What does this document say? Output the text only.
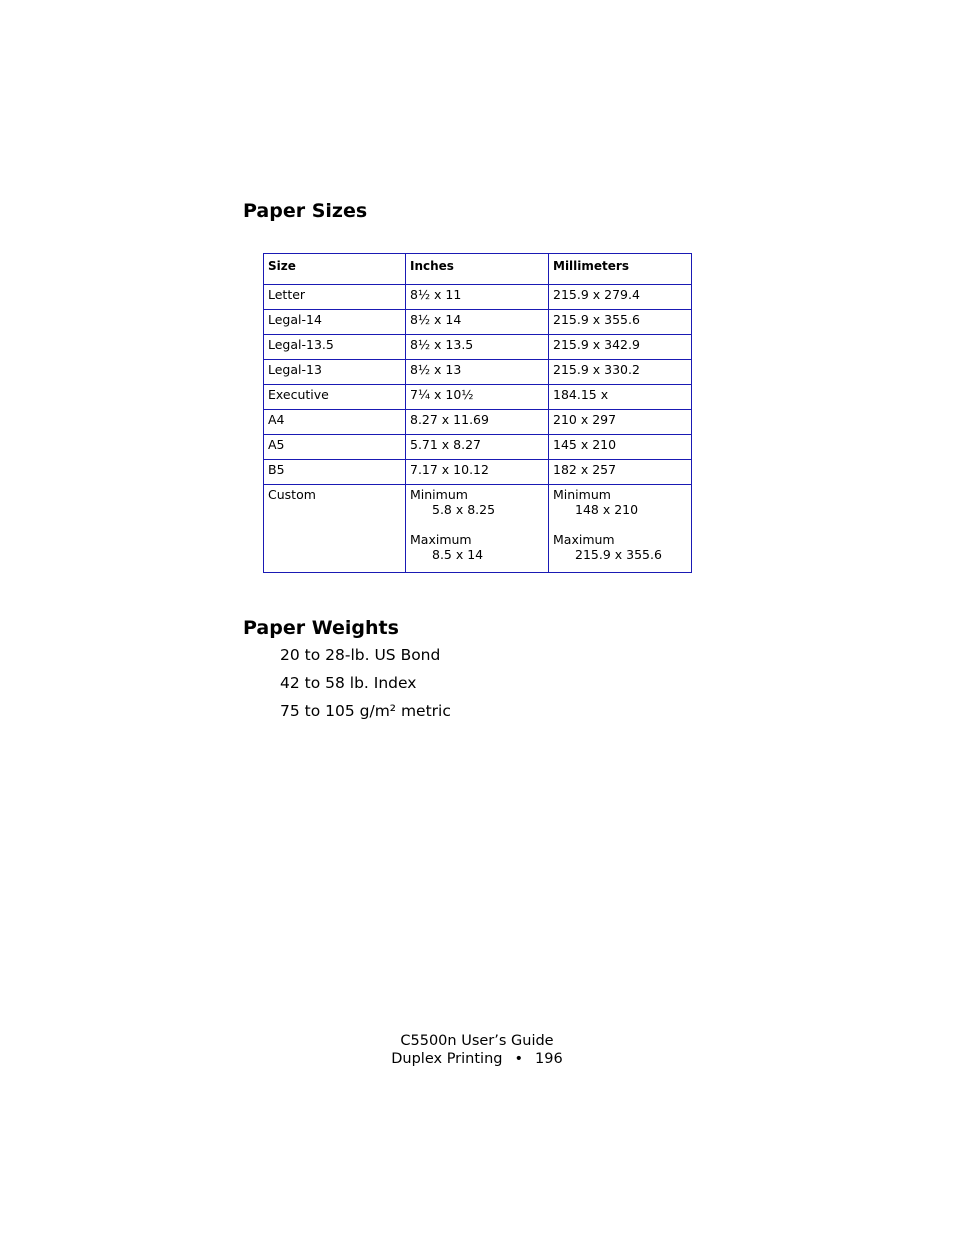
Paper Sizes
Size	Inches	Millimeters
Letter	8½ x 11	215.9 x 279.4
Legal-14	8½ x 14	215.9 x 355.6
Legal-13.5	8½ x 13.5	215.9 x 342.9
Legal-13	8½ x 13	215.9 x 330.2
Executive	7¼ x 10½	184.15 x
A4	8.27 x 11.69	210 x 297
A5	5.71 x 8.27	145 x 210
B5	7.17 x 10.12	182 x 257
Custom	Minimum
5.8 x 8.25
Maximum
8.5 x 14	Minimum
148 x 210
Maximum
215.9 x 355.6
Paper Weights
20 to 28-lb. US Bond
42 to 58 lb. Index
75 to 105 g/m² metric
C5500n User’s Guide
Duplex Printing • 196
